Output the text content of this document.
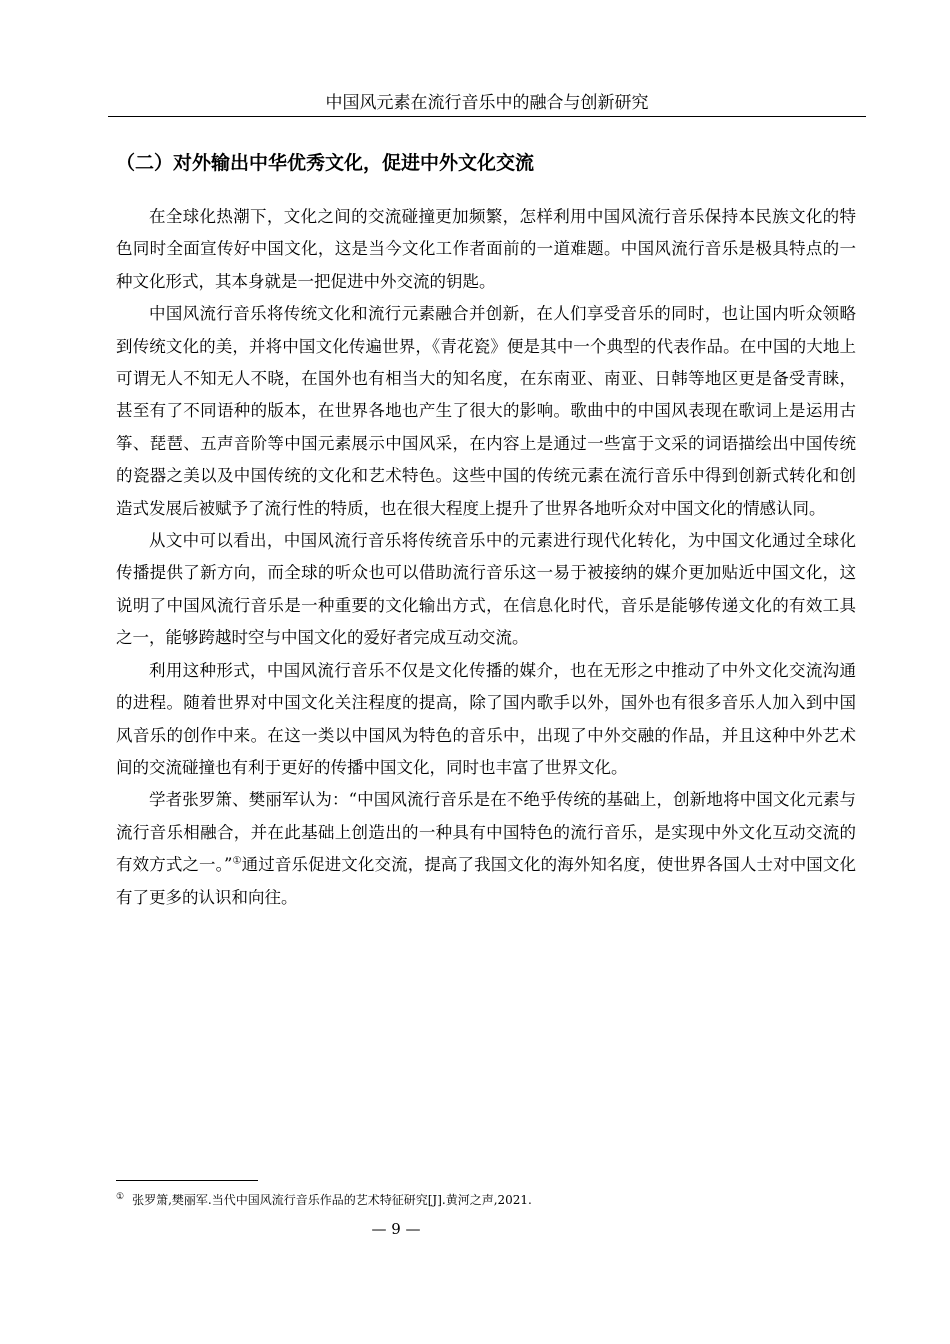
中国风元素在流行音乐中的融合与创新研究
（二）对外输出中华优秀文化，促进中外文化交流

在全球化热潮下，文化之间的交流碰撞更加频繁，怎样利用中国风流行音乐保持本民族文化的特色同时全面宣传好中国文化，这是当今文化工作者面前的一道难题。中国风流行音乐是极具特点的一种文化形式，其本身就是一把促进中外交流的钥匙。

中国风流行音乐将传统文化和流行元素融合并创新，在人们享受音乐的同时，也让国内听众领略到传统文化的美，并将中国文化传遍世界，《青花瓷》便是其中一个典型的代表作品。在中国的大地上可谓无人不知无人不晓，在国外也有相当大的知名度，在东南亚、南亚、日韩等地区更是备受青睐，甚至有了不同语种的版本，在世界各地也产生了很大的影响。歌曲中的中国风表现在歌词上是运用古筝、琵琶、五声音阶等中国元素展示中国风采，在内容上是通过一些富于文采的词语描绘出中国传统的瓷器之美以及中国传统的文化和艺术特色。这些中国的传统元素在流行音乐中得到创新式转化和创造式发展后被赋予了流行性的特质，也在很大程度上提升了世界各地听众对中国文化的情感认同。

从文中可以看出，中国风流行音乐将传统音乐中的元素进行现代化转化，为中国文化通过全球化传播提供了新方向，而全球的听众也可以借助流行音乐这一易于被接纳的媒介更加贴近中国文化，这说明了中国风流行音乐是一种重要的文化输出方式，在信息化时代，音乐是能够传递文化的有效工具之一，能够跨越时空与中国文化的爱好者完成互动交流。

利用这种形式，中国风流行音乐不仅是文化传播的媒介，也在无形之中推动了中外文化交流沟通的进程。随着世界对中国文化关注程度的提高，除了国内歌手以外，国外也有很多音乐人加入到中国风音乐的创作中来。在这一类以中国风为特色的音乐中，出现了中外交融的作品，并且这种中外艺术间的交流碰撞也有利于更好的传播中国文化，同时也丰富了世界文化。

学者张罗箫、樊丽军认为：“中国风流行音乐是在不绝乎传统的基础上，创新地将中国文化元素与流行音乐相融合，并在此基础上创造出的一种具有中国特色的流行音乐，是实现中外文化互动交流的有效方式之一。”①通过音乐促进文化交流，提高了我国文化的海外知名度，使世界各国人士对中国文化有了更多的认识和向往。

① 张罗箫,樊丽军.当代中国风流行音乐作品的艺术特征研究[J].黄河之声,2021.
— 9 —
